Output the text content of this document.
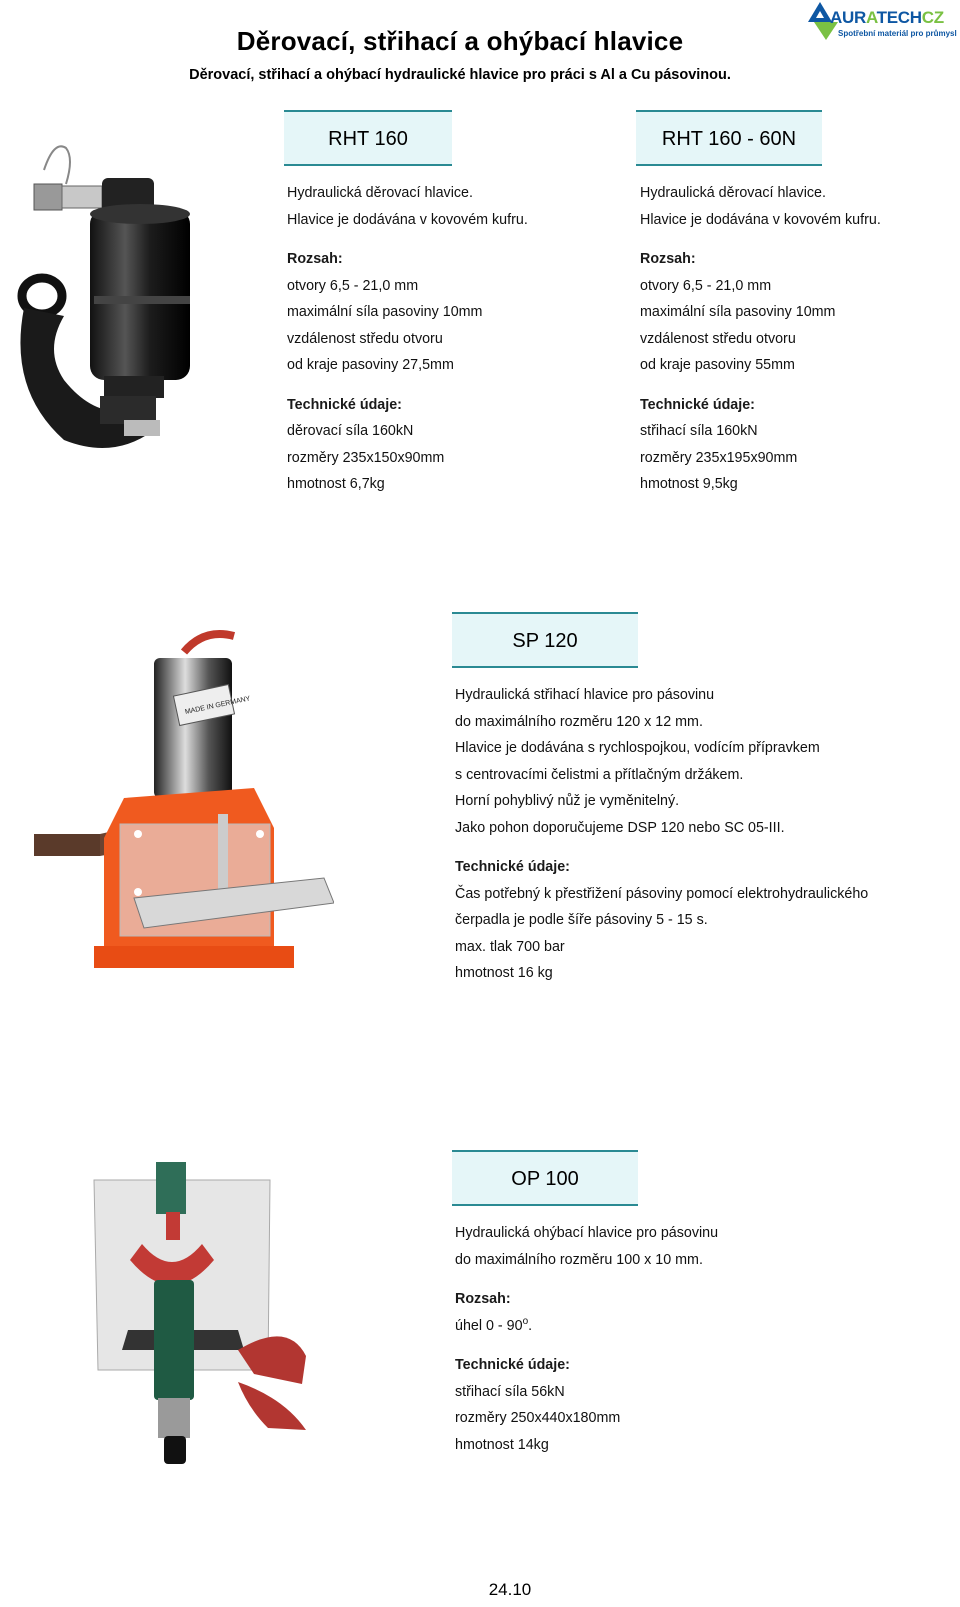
Děrovací, střihací a ohýbací hlavice
Děrovací, střihací a ohýbací hydraulické hlavice pro práci s Al a Cu pásovinou.
AURATECHCZ
Spotřební materiál pro průmysl
RHT 160
Hydraulická děrovací hlavice.
Hlavice je dodávána v kovovém kufru.
Rozsah:
otvory 6,5 - 21,0 mm
maximální síla pasoviny 10mm
vzdálenost středu otvoru
od kraje pasoviny 27,5mm
Technické údaje:
děrovací síla 160kN
rozměry 235x150x90mm
hmotnost 6,7kg
RHT 160 - 60N
Hydraulická děrovací hlavice.
Hlavice je dodávána v kovovém kufru.
Rozsah:
otvory 6,5 - 21,0 mm
maximální síla pasoviny 10mm
vzdálenost středu otvoru
od kraje pasoviny 55mm
Technické údaje:
střihací síla 160kN
rozměry 235x195x90mm
hmotnost 9,5kg
MADE IN GERMANY
SP 120
Hydraulická střihací hlavice pro pásovinu
do maximálního rozměru 120 x 12 mm.
Hlavice je dodávána s rychlospojkou, vodícím přípravkem
s centrovacími čelistmi a přítlačným držákem.
Horní pohyblivý nůž je vyměnitelný.
Jako pohon doporučujeme DSP 120 nebo SC 05-III.
Technické údaje:
Čas potřebný k přestřižení pásoviny pomocí elektrohydraulického
čerpadla je podle šíře pásoviny 5 - 15 s.
max. tlak 700 bar
hmotnost 16 kg
OP 100
Hydraulická ohýbací hlavice pro pásovinu
do maximálního rozměru 100 x 10 mm.
Rozsah:
úhel 0 - 90$^o$.
Technické údaje:
střihací síla 56kN
rozměry 250x440x180mm
hmotnost 14kg
24.10
